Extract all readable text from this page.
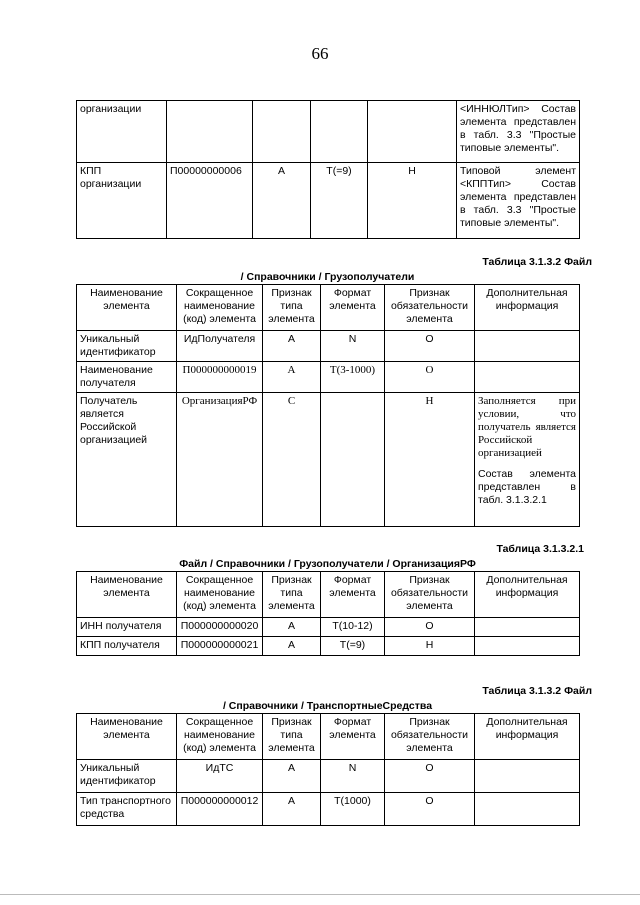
66
организации					<ИННЮЛТип> Состав элемента представлен в табл. 3.3 "Простые типовые элементы".
КПП организации	П00000000006	А	Т(=9)	Н	Типовой элемент <КППТип> Состав элемента представлен в табл. 3.3 "Простые типовые элементы".
Таблица 3.1.3.2 Файл
/ Справочники / Грузополучатели
Наименование элемента	Сокращенное наименование (код) элемента	Признак типа элемента	Формат элемента	Признак обязательности элемента	Дополнительная информация
Уникальный идентификатор	ИдПолучателя	А	N	О	
Наименование получателя	П000000000019	А	Т(3-1000)	О	
Получатель является Российской организацией	ОрганизацияРФ	С		Н	Заполняется при условии, что получатель является Российской организацией
Состав элемента представлен в табл. 3.1.3.2.1
Таблица 3.1.3.2.1
Файл / Справочники / Грузополучатели / ОрганизацияРФ
Наименование элемента	Сокращенное наименование (код) элемента	Признак типа элемента	Формат элемента	Признак обязательности элемента	Дополнительная информация
ИНН получателя	П000000000020	А	Т(10-12)	О	
КПП получателя	П000000000021	А	Т(=9)	Н	
Таблица 3.1.3.2 Файл
/ Справочники / ТранспортныеСредства
Наименование элемента	Сокращенное наименование (код) элемента	Признак типа элемента	Формат элемента	Признак обязательности элемента	Дополнительная информация
Уникальный идентификатор	ИдТС	А	N	О	
Тип транспортного средства	П000000000012	А	Т(1000)	О	
